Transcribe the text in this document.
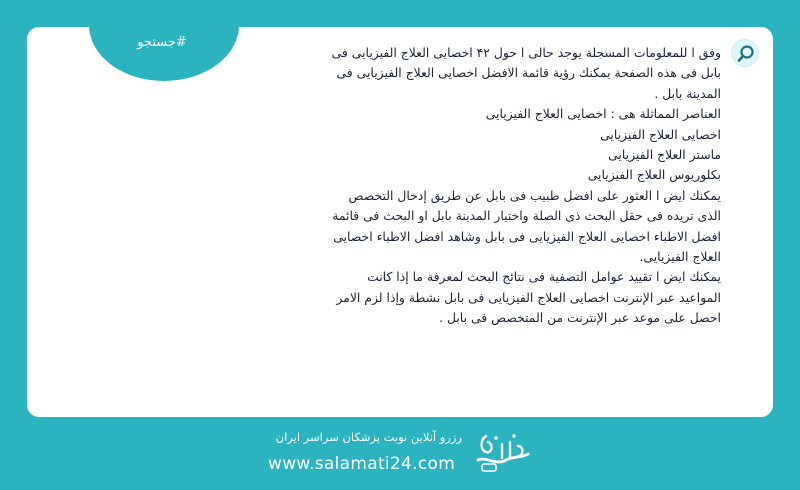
#جستجو

وفق ا للمعلومات المسجلة یوجد حالی ا حول ۴۲ اخصایی العلاج الفیزیایی فی بابل فی هذه الصفحة یمكنك رؤیة قائمة الافضل اخصایی العلاج الفیزیایی فی المدینة بابل .

العناصر المماثلة هی : اخصایی العلاج الفیزیایی

اخصایی العلاج الفیزیایی

ماستر العلاج الفیزیایی

بكلوریوس العلاج الفیزیایی

یمكنك ایض ا العثور علی افضل طبیب فی بابل عن طریق إدخال التخصص الذی تریده فی حقل البحث ذی الصلة واختیار المدینة بابل او البحث فی قائمة افضل الاطباء اخصایی العلاج الفیزیایی فی بابل وشاهد افضل الاطباء اخصایی العلاج الفیزیایی.

یمكنك ایض ا تقیید عوامل التصفیة فی نتائج البحث لمعرفة ما إذا كانت المواعید عبر الإنترنت اخصایی العلاج الفیزیایی فی بابل نشطة وإذا لزم الامر احصل علی موعد عبر الإنترنت من المتخصص فی بابل .

رزرو آنلاین نوبت پزشکان سراسر ایران
www.salamati24.com
